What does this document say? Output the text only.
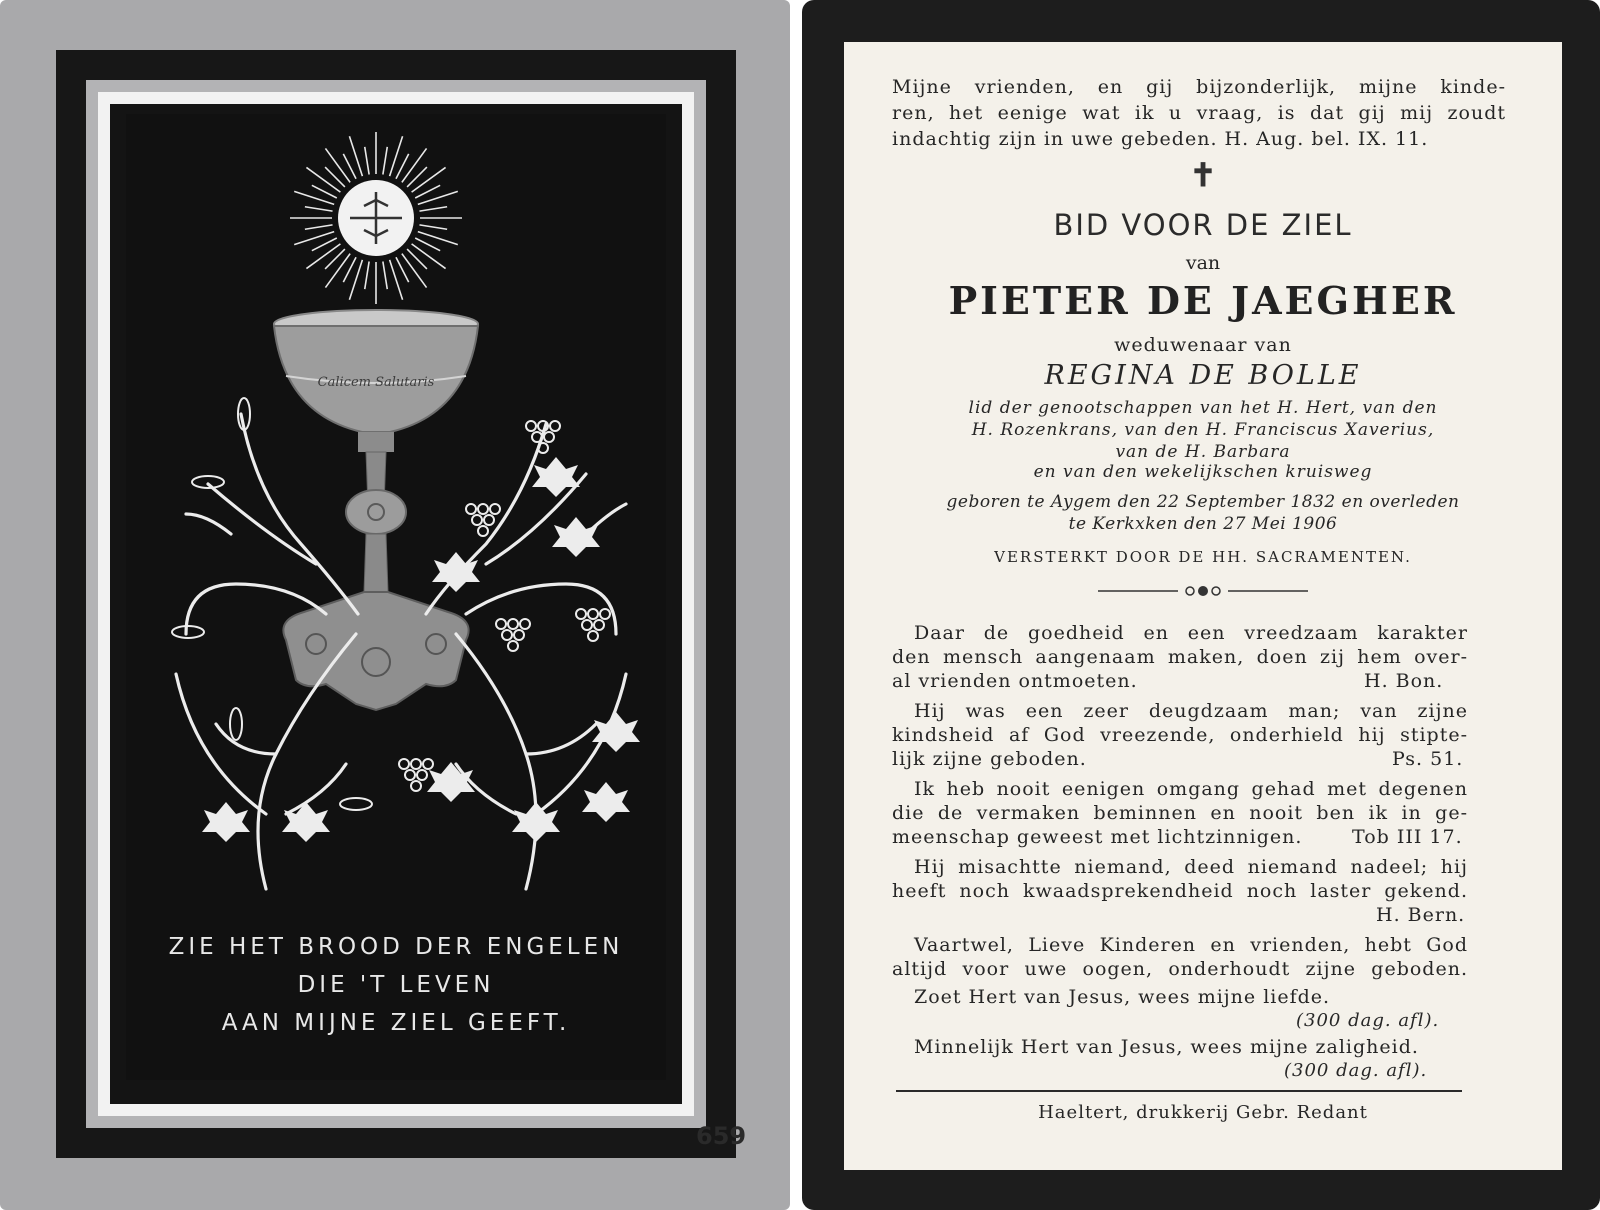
Calicem Salutaris
ZIE HET BROOD DER ENGELEN
DIE 'T LEVEN
AAN MIJNE ZIEL GEEFT.
659
Mijne vrienden, en gij bijzonderlijk, mijne kinde-
ren, het eenige wat ik u vraag, is dat gij mij zoudt
indachtig zijn in uwe gebeden. H. Aug. bel. IX. 11.
✝
BID VOOR DE ZIEL
van
PIETER DE JAEGHER
weduwenaar van
REGINA DE BOLLE
lid der genootschappen van het H. Hert, van den
H. Rozenkrans, van den H. Franciscus Xaverius,
van de H. Barbara
en van den wekelijkschen kruisweg
geboren te Aygem den 22 September 1832 en overleden
te Kerkxken den 27 Mei 1906
VERSTERKT DOOR DE HH. SACRAMENTEN.
Daar de goedheid en een vreedzaam karakter
den mensch aangenaam maken, doen zij hem over-
al vrienden ontmoeten.	H. Bon.
Hij was een zeer deugdzaam man; van zijne
kindsheid af God vreezende, onderhield hij stipte-
lijk zijne geboden.	Ps. 51.
Ik heb nooit eenigen omgang gehad met degenen
die de vermaken beminnen en nooit ben ik in ge-
meenschap geweest met lichtzinnigen.	Tob III 17.
Hij misachtte niemand, deed niemand nadeel; hij
heeft noch kwaadsprekendheid noch laster gekend.
H. Bern.
Vaartwel, Lieve Kinderen en vrienden, hebt God
altijd voor uwe oogen, onderhoudt zijne geboden.
Zoet Hert van Jesus, wees mijne liefde.
(300 dag. afl).
Minnelijk Hert van Jesus, wees mijne zaligheid.
(300 dag. afl).
Haeltert, drukkerij Gebr. Redant
